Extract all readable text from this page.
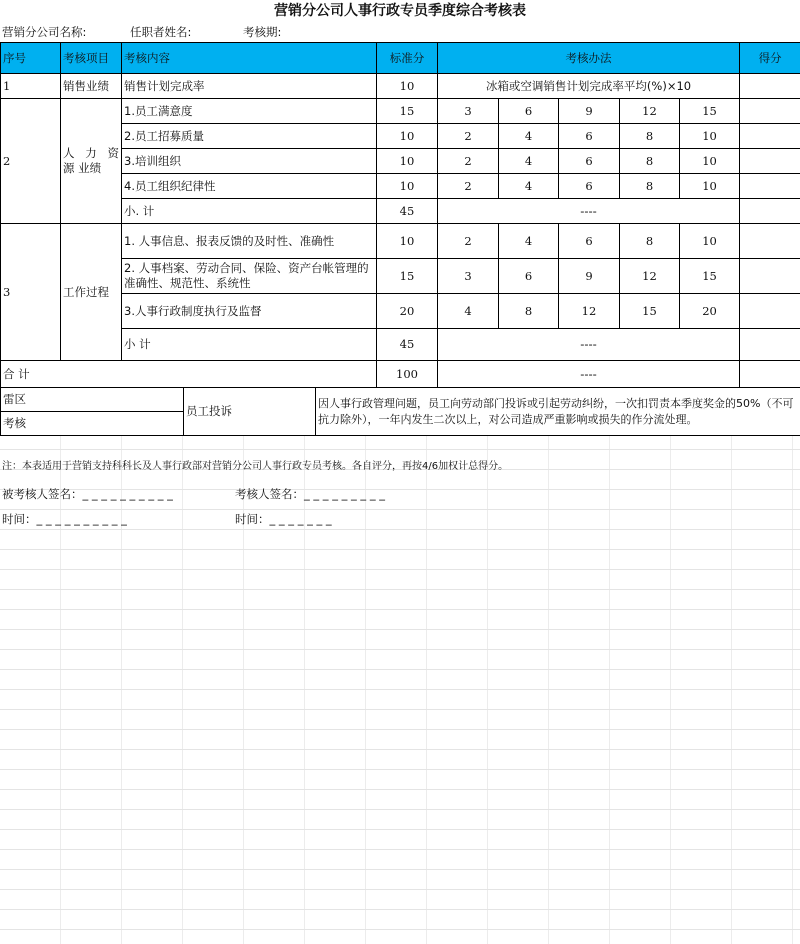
营销分公司人事行政专员季度综合考核表
营销分公司名称:	任职者姓名:	考核期:
序号	考核项目	考核内容			标准分	考核办法					得分	
1	销售业绩	销售计划完成率			10	冰箱或空调销售计划完成率平均(%)×10						
2	人 力 资 源 业绩	1.员工满意度			15	3	6	9	12	15		
		2.员工招募质量			10	2	4	6	8	10		
		3.培训组织			10	2	4	6	8	10		
		4.员工组织纪律性			10	2	4	6	8	10		
		小. 计			45	----						
3	工作过程	1. 人事信息、报表反馈的及时性、准确性			10	2	4	6	8	10		
		2. 人事档案、劳动合同、保险、资产台帐管理的准确性、规范性、系统性			15	3	6	9	12	15		
		3.人事行政制度执行及监督			20	4	8	12	15	20		
		小 计			45	----						
合 计					100	----						
雷区			员工投诉	因人事行政管理问题，员工向劳动部门投诉或引起劳动纠纷，一次扣罚责本季度奖金的50%（不可抗力除外），一年内发生二次以上，对公司造成严重影响或损失的作分流处理。								
考核												
注：本表适用于营销支持科科长及人事行政部对营销分公司人事行政专员考核。各自评分，再按4/6加权计总得分。
被考核人签名：_ _ _ _ _ _ _ _ _ _	考核人签名：_ _ _ _ _ _ _ _ _
时间：_ _ _ _ _ _ _ _ _ _	时间：_ _ _ _ _ _ _
